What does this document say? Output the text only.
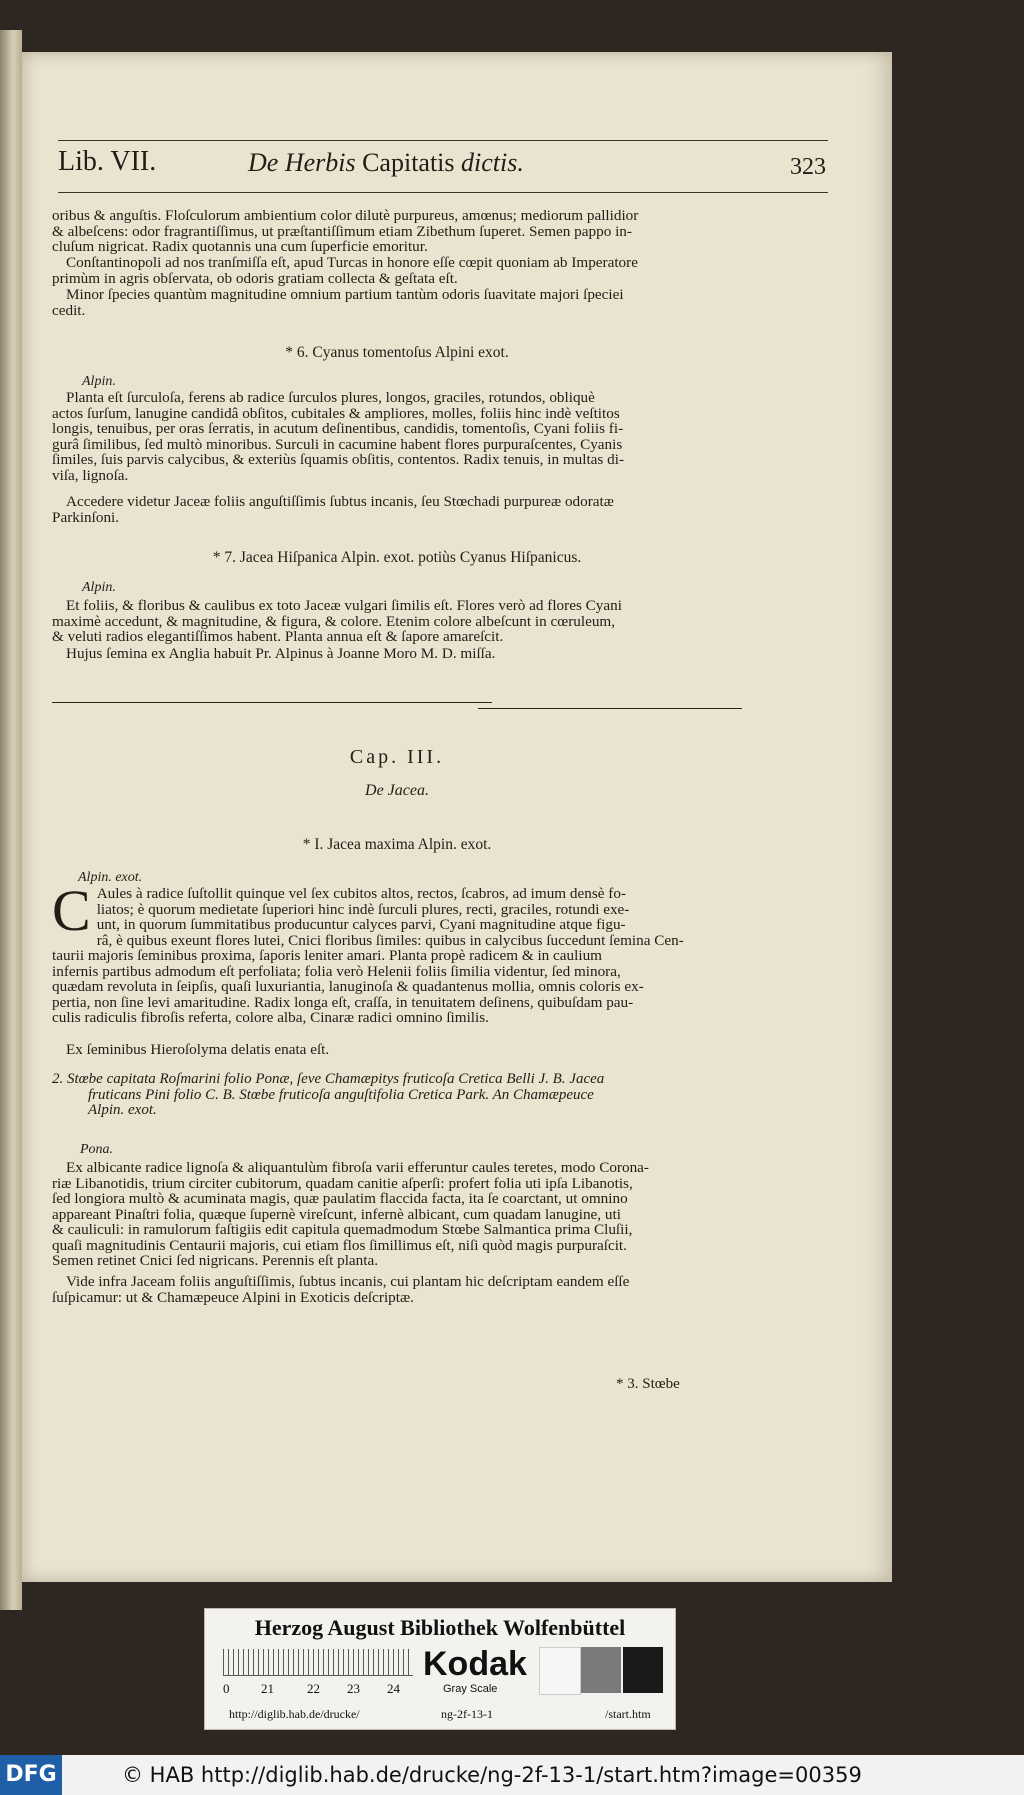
Lib. VII.	De Herbis Capitatis dictis.	323

oribus & anguſtis. Floſculorum ambientium color dilutè purpureus, amœnus; mediorum pallidior
& albeſcens: odor fragrantiſſimus, ut præſtantiſſimum etiam Zibethum ſuperet. Semen pappo in-
cluſum nigricat. Radix quotannis una cum ſuperficie emoritur.

Conſtantinopoli ad nos tranſmiſſa eſt, apud Turcas in honore eſſe cœpit quoniam ab Imperatore
primùm in agris obſervata, ob odoris gratiam collecta & geſtata eſt.

Minor ſpecies quantùm magnitudine omnium partium tantùm odoris ſuavitate majori ſpeciei
cedit.

* 6. Cyanus tomentoſus Alpini exot.
Alpin.

Planta eſt ſurculoſa, ferens ab radice ſurculos plures, longos, graciles, rotundos, obliquè
actos ſurſum, lanugine candidâ obſitos, cubitales & ampliores, molles, foliis hinc indè veſtitos
longis, tenuibus, per oras ſerratis, in acutum deſinentibus, candidis, tomentoſis, Cyani foliis fi-
gurâ ſimilibus, ſed multò minoribus. Surculi in cacumine habent flores purpuraſcentes, Cyanis
ſimiles, ſuis parvis calycibus, & exteriùs ſquamis obſitis, contentos. Radix tenuis, in multas di-
viſa, lignoſa.

Accedere videtur Jaceæ foliis anguſtiſſimis ſubtus incanis, ſeu Stœchadi purpureæ odoratæ
Parkinſoni.

* 7. Jacea Hiſpanica Alpin. exot. potiùs Cyanus Hiſpanicus.
Alpin.

Et foliis, & floribus & caulibus ex toto Jaceæ vulgari ſimilis eſt. Flores verò ad flores Cyani
maximè accedunt, & magnitudine, & figura, & colore. Etenim colore albeſcunt in cœruleum,
& veluti radios elegantiſſimos habent. Planta annua eſt & ſapore amareſcit.

Hujus ſemina ex Anglia habuit Pr. Alpinus à Joanne Moro M. D. miſſa.

Cap. III.
De Jacea.
* I. Jacea maxima Alpin. exot.
Alpin. exot.
C Aules à radice ſuſtollit quinque vel ſex cubitos altos, rectos, ſcabros, ad imum densè fo-
liatos; è quorum medietate ſuperiori hinc indè ſurculi plures, recti, graciles, rotundi exe-
unt, in quorum ſummitatibus producuntur calyces parvi, Cyani magnitudine atque figu-
râ, è quibus exeunt flores lutei, Cnici floribus ſimiles: quibus in calycibus ſuccedunt ſemina Cen-
taurii majoris ſeminibus proxima, ſaporis leniter amari. Planta propè radicem & in caulium
infernis partibus admodum eſt perfoliata; folia verò Helenii foliis ſimilia videntur, ſed minora,
quædam revoluta in ſeipſis, quaſi luxuriantia, lanuginoſa & quadantenus mollia, omnis coloris ex-
pertia, non ſine levi amaritudine. Radix longa eſt, craſſa, in tenuitatem deſinens, quibuſdam pau-
culis radiculis fibroſis referta, colore alba, Cinaræ radici omnino ſimilis.

Ex ſeminibus Hieroſolyma delatis enata eſt.

2. Stœbe capitata Roſmarini folio Ponæ, ſeve Chamæpitys fruticoſa Cretica Belli J. B. Jacea
fruticans Pini folio C. B. Stœbe fruticoſa anguſtifolia Cretica Park. An Chamæpeuce
Alpin. exot.

Pona.

Ex albicante radice lignoſa & aliquantulùm fibroſa varii efferuntur caules teretes, modo Corona-
riæ Libanotidis, trium circiter cubitorum, quadam canitie aſperſi: profert folia uti ipſa Libanotis,
ſed longiora multò & acuminata magis, quæ paulatim flaccida facta, ita ſe coarctant, ut omnino
appareant Pinaſtri folia, quæque ſupernè vireſcunt, infernè albicant, cum quadam lanugine, uti
& cauliculi: in ramulorum faſtigiis edit capitula quemadmodum Stœbe Salmantica prima Cluſii,
quaſi magnitudinis Centaurii majoris, cui etiam flos ſimillimus eſt, niſi quòd magis purpuraſcit.
Semen retinet Cnici ſed nigricans. Perennis eſt planta.

Vide infra Jaceam foliis anguſtiſſimis, ſubtus incanis, cui plantam hic deſcriptam eandem eſſe
ſuſpicamur: ut & Chamæpeuce Alpini in Exoticis deſcriptæ.

* 3. Stœbe
Herzog August Bibliothek Wolfenbüttel
0 21	22 23 24
Kodak
Gray Scale
http://diglib.hab.de/drucke/	ng-2f-13-1	/start.htm
DFG	© HAB http://diglib.hab.de/drucke/ng-2f-13-1/start.htm?image=00359
